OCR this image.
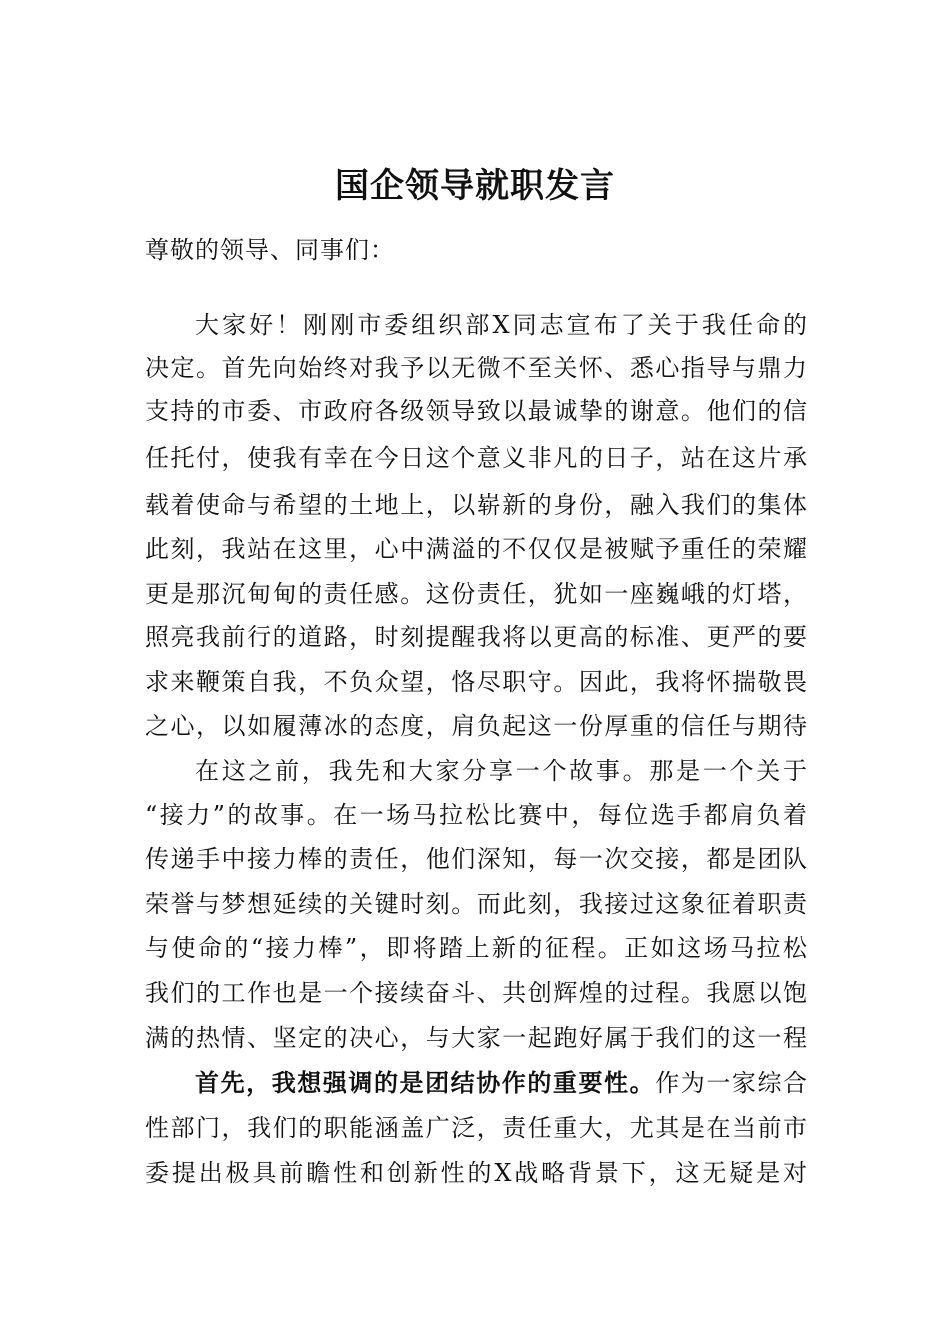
国企领导就职发言
尊敬的领导、同事们：
大家好！刚刚市委组织部X同志宣布了关于我任命的
决定。首先向始终对我予以无微不至关怀、悉心指导与鼎力
支持的市委、市政府各级领导致以最诚挚的谢意。他们的信
任托付，使我有幸在今日这个意义非凡的日子，站在这片承
载着使命与希望的土地上，以崭新的身份，融入我们的集体
此刻，我站在这里，心中满溢的不仅仅是被赋予重任的荣耀
更是那沉甸甸的责任感。这份责任，犹如一座巍峨的灯塔，
照亮我前行的道路，时刻提醒我将以更高的标准、更严的要
求来鞭策自我，不负众望，恪尽职守。因此，我将怀揣敬畏
之心，以如履薄冰的态度，肩负起这一份厚重的信任与期待
在这之前，我先和大家分享一个故事。那是一个关于
“接力”的故事。在一场马拉松比赛中，每位选手都肩负着
传递手中接力棒的责任，他们深知，每一次交接，都是团队
荣誉与梦想延续的关键时刻。而此刻，我接过这象征着职责
与使命的“接力棒”，即将踏上新的征程。正如这场马拉松
我们的工作也是一个接续奋斗、共创辉煌的过程。我愿以饱
满的热情、坚定的决心，与大家一起跑好属于我们的这一程
首先，我想强调的是团结协作的重要性。作为一家综合
性部门，我们的职能涵盖广泛，责任重大，尤其是在当前市
委提出极具前瞻性和创新性的X战略背景下，这无疑是对
